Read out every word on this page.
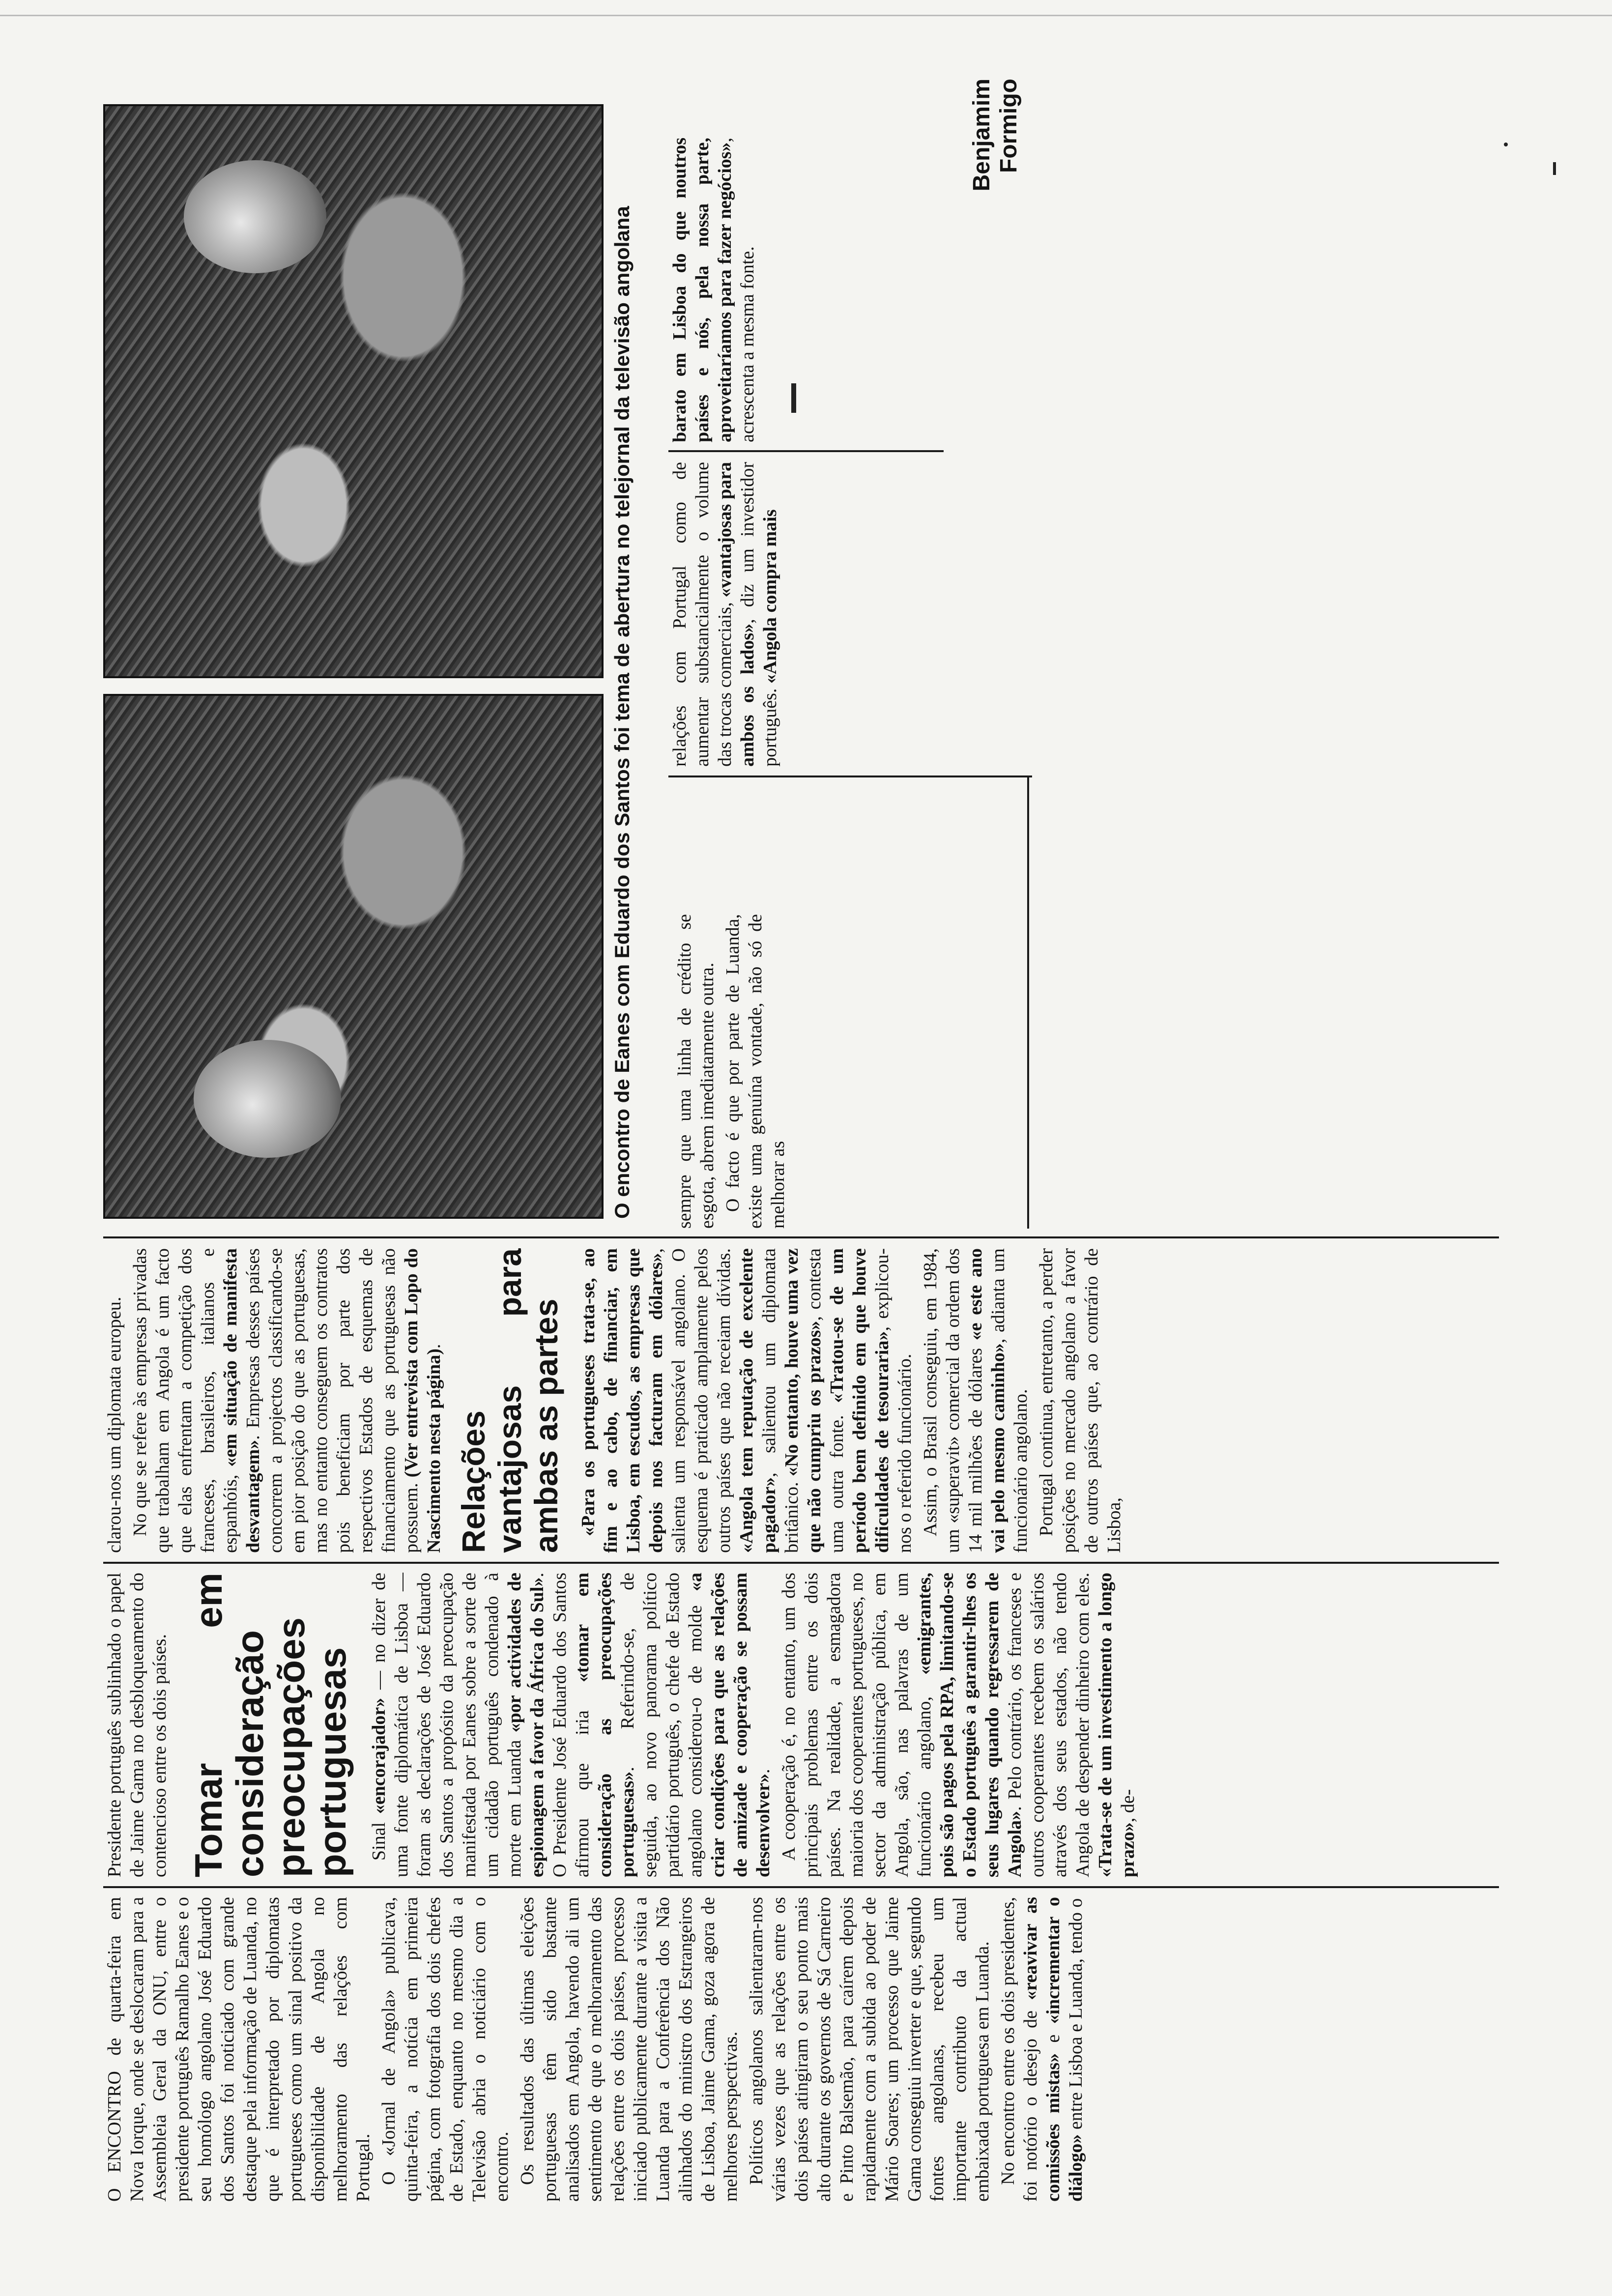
O ENCONTRO de quarta-feira em Nova Iorque, onde se deslocaram para a Assembleia Geral da ONU, entre o presidente português Ramalho Eanes e o seu homólogo angolano José Eduardo dos Santos foi noticiado com grande destaque pela informação de Luanda, no que é interpretado por diplomatas portugueses como um sinal positivo da disponibilidade de Angola no melhoramento das relações com Portugal. O «Jornal de Angola» publicava, quinta-feira, a notícia em primeira página, com fotografia dos dois chefes de Estado, enquanto no mesmo dia a Televisão abria o noticiário com o encontro. Os resultados das últimas eleições portuguesas têm sido bastante analisados em Angola, havendo ali um sentimento de que o melhoramento das relações entre os dois países, processo iniciado publicamente durante a visita a Luanda para a Conferência dos Não alinhados do ministro dos Estrangeiros de Lisboa, Jaime Gama, goza agora de melhores perspectivas. Políticos angolanos salientaram-nos várias vezes que as relações entre os dois países atingiram o seu ponto mais alto durante os governos de Sá Carneiro e Pinto Balsemão, para caírem depois rapidamente com a subida ao poder de Mário Soares; um processo que Jaime Gama conseguiu inverter e que, segundo fontes angolanas, recebeu um importante contributo da actual embaixada portuguesa em Luanda. No encontro entre os dois presidentes, foi notório o desejo de «reavivar as comissões mistas» e «incrementar o diálogo» entre Lisboa e Luanda, tendo o

Presidente português sublinhado o papel de Jaime Gama no desbloqueamento do contencioso entre os dois países. Tomar em consideração preocupações portuguesas Sinal «encorajador» — no dizer de uma fonte diplomática de Lisboa — foram as declarações de José Eduardo dos Santos a propósito da preocupação manifestada por Eanes sobre a sorte de um cidadão português condenado à morte em Luanda «por actividades de espionagem a favor da África do Sul». O Presidente José Eduardo dos Santos afirmou que iria «tomar em consideração as preocupações portuguesas». Referindo-se, de seguida, ao novo panorama político partidário português, o chefe de Estado angolano considerou-o de molde «a criar condições para que as relações de amizade e cooperação se possam desenvolver». A cooperação é, no entanto, um dos principais problemas entre os dois países. Na realidade, a esmagadora maioria dos cooperantes portugueses, no sector da administração pública, em Angola, são, nas palavras de um funcionário angolano, «emigrantes, pois são pagos pela RPA, limitando-se o Estado português a garantir-lhes os seus lugares quando regressarem de Angola». Pelo contrário, os franceses e outros cooperantes recebem os salários através dos seus estados, não tendo Angola de despender dinheiro com eles. «Trata-se de um investimento a longo prazo», de-

clarou-nos um diplomata europeu. No que se refere às empresas privadas que trabalham em Angola é um facto que elas enfrentam a competição dos franceses, brasileiros, italianos e espanhóis, «em situação de manifesta desvantagem». Empresas desses países concorrem a projectos classificando-se em pior posição do que as portuguesas, mas no entanto conseguem os contratos pois beneficiam por parte dos respectivos Estados de esquemas de financiamento que as portuguesas não possuem. (Ver entrevista com Lopo do Nascimento nesta página).

Relações vantajosas para ambas as partes «Para os portugueses trata-se, ao fim e ao cabo, de financiar, em Lisboa, em escudos, as empresas que depois nos facturam em dólares», salienta um responsável angolano. O esquema é praticado amplamente pelos outros países que não receiam dívidas. «Angola tem reputação de excelente pagador», salientou um diplomata britânico. «No entanto, houve uma vez que não cumpriu os prazos», contesta uma outra fonte. «Tratou-se de um período bem definido em que houve dificuldades de tesouraria», explicou-nos o referido funcionário. Assim, o Brasil conseguiu, em 1984, um «superavit» comercial da ordem dos 14 mil milhões de dólares «e este ano vai pelo mesmo caminho», adianta um funcionário angolano. Portugal continua, entretanto, a perder posições no mercado angolano a favor de outros países que, ao contrário de Lisboa,

O encontro de Eanes com Eduardo dos Santos foi tema de abertura no telejornal da televisão angolana sempre que uma linha de crédito se esgota, abrem imediatamente outra. O facto é que por parte de Luanda, existe uma genuína vontade, não só de melhorar as

relações com Portugal como de aumentar substancialmente o volume das trocas comerciais, «vantajosas para ambos os lados», diz um investidor português. «Angola compra mais

barato em Lisboa do que noutros países e nós, pela nossa parte, aproveitaríamos para fazer negócios», acrescenta a mesma fonte.

Benjamim Formigo
